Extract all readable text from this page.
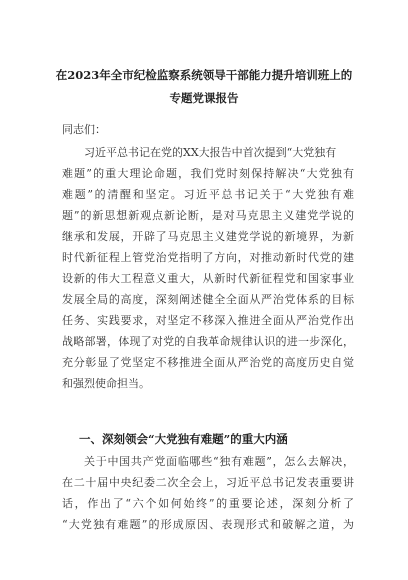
在2023年全市纪检监察系统领导干部能力提升培训班上的
专题党课报告
同志们：
习近平总书记在党的XX大报告中首次提到“大党独有
难题”的重大理论命题，我们党时刻保持解决“大党独有
难题”的清醒和坚定。习近平总书记关于“大党独有难
题”的新思想新观点新论断，是对马克思主义建党学说的
继承和发展，开辟了马克思主义建党学说的新境界，为新
时代新征程上管党治党指明了方向，对推动新时代党的建
设新的伟大工程意义重大，从新时代新征程党和国家事业
发展全局的高度，深刻阐述健全全面从严治党体系的目标
任务、实践要求，对坚定不移深入推进全面从严治党作出
战略部署，体现了对党的自我革命规律认识的进一步深化，
充分彰显了党坚定不移推进全面从严治党的高度历史自觉
和强烈使命担当。
一、深刻领会“大党独有难题”的重大内涵
关于中国共产党面临哪些“独有难题”，怎么去解决，
在二十届中央纪委二次全会上，习近平总书记发表重要讲
话，作出了“六个如何始终”的重要论述，深刻分析了
“大党独有难题”的形成原因、表现形式和破解之道，为
